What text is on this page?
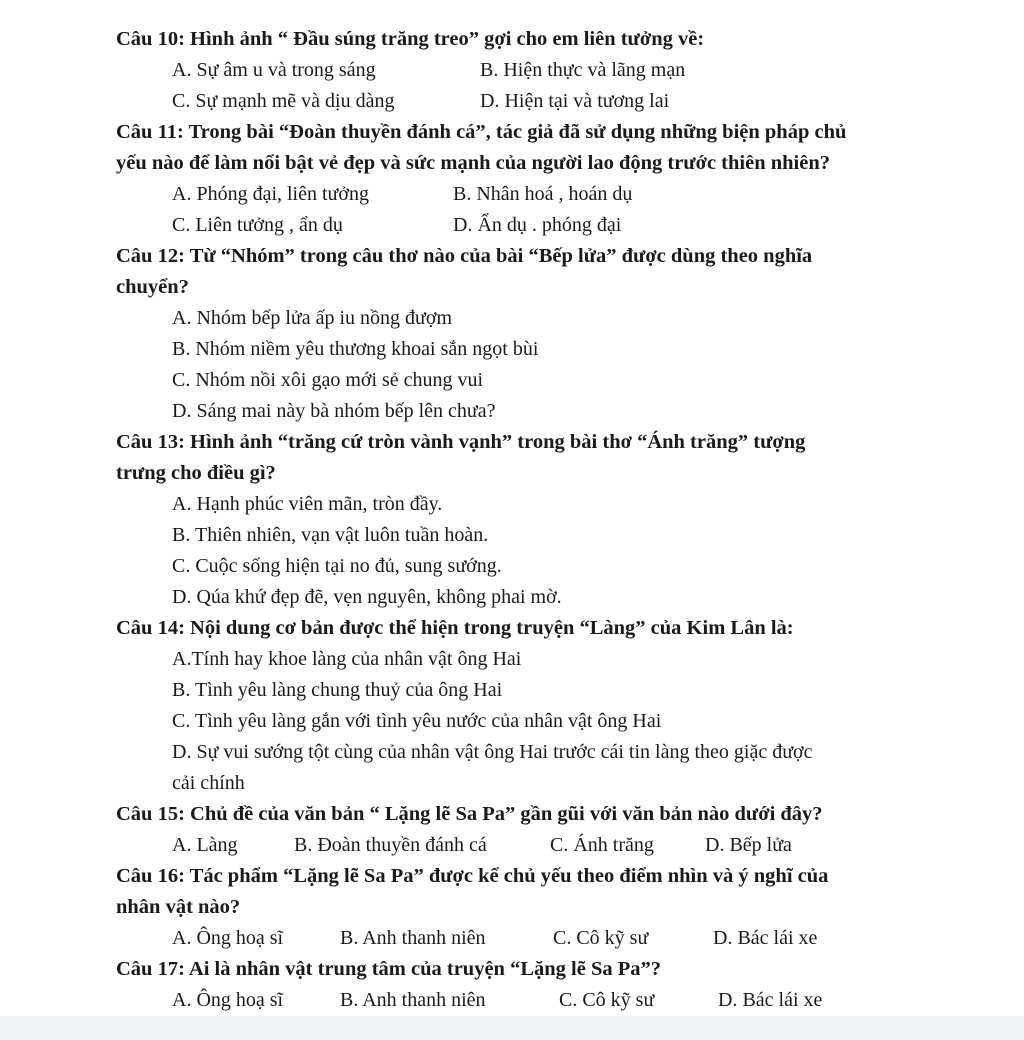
Câu 10: Hình ảnh “ Đầu súng trăng treo” gợi cho em liên tưởng về:
A. Sự âm u và trong sáng	B. Hiện thực và lãng mạn
C. Sự mạnh mẽ và dịu dàng	D. Hiện tại và tương lai
Câu 11: Trong bài “Đoàn thuyền đánh cá”, tác giả đã sử dụng những biện pháp chủ
yếu nào để làm nổi bật vẻ đẹp và sức mạnh của người lao động trước thiên nhiên?
A. Phóng đại, liên tưởng	B. Nhân hoá , hoán dụ
C. Liên tưởng , ẩn dụ	D. Ẩn dụ . phóng đại
Câu 12: Từ “Nhóm” trong câu thơ nào của bài “Bếp lửa” được dùng theo nghĩa
chuyển?
A. Nhóm bếp lửa ấp iu nồng đượm
B. Nhóm niềm yêu thương khoai sắn ngọt bùi
C. Nhóm nồi xôi gạo mới sẻ chung vui
D. Sáng mai này bà nhóm bếp lên chưa?
Câu 13: Hình ảnh “trăng cứ tròn vành vạnh” trong bài thơ “Ánh trăng” tượng
trưng cho điều gì?
A. Hạnh phúc viên mãn, tròn đầy.
B. Thiên nhiên, vạn vật luôn tuần hoàn.
C. Cuộc sống hiện tại no đủ, sung sướng.
D. Qúa khứ đẹp đẽ, vẹn nguyên, không phai mờ.
Câu 14: Nội dung cơ bản được thể hiện trong truyện “Làng” của Kim Lân là:
A.Tính hay khoe làng của nhân vật ông Hai
B. Tình yêu làng chung thuỷ của ông Hai
C. Tình yêu làng gắn với tình yêu nước của nhân vật ông Hai
D. Sự vui sướng tột cùng của nhân vật ông Hai trước cái tin làng theo giặc được
cải chính
Câu 15: Chủ đề của văn bản “ Lặng lẽ Sa Pa” gần gũi với văn bản nào dưới đây?
A. Làng	B. Đoàn thuyền đánh cá	C. Ánh trăng	D. Bếp lửa
Câu 16: Tác phẩm “Lặng lẽ Sa Pa” được kể chủ yếu theo điểm nhìn và ý nghĩ của
nhân vật nào?
A. Ông hoạ sĩ	B. Anh thanh niên	C. Cô kỹ sư	D. Bác lái xe
Câu 17: Ai là nhân vật trung tâm của truyện “Lặng lẽ Sa Pa”?
A. Ông hoạ sĩ	B. Anh thanh niên	C. Cô kỹ sư	D. Bác lái xe
